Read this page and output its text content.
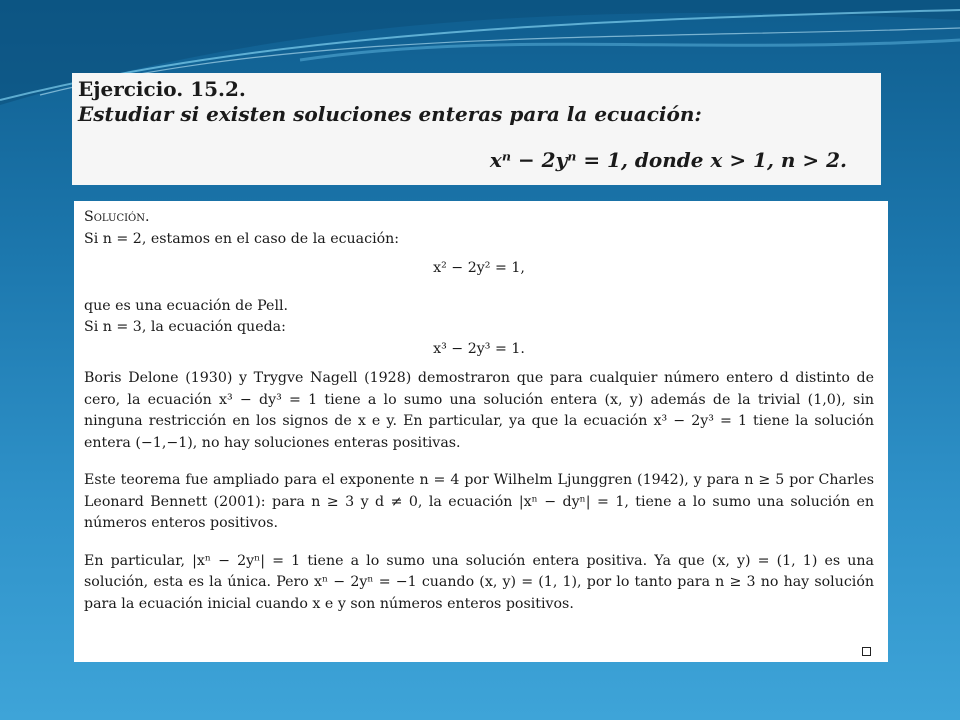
Ejercicio. 15.2.
Estudiar si existen soluciones enteras para la ecuación:
xⁿ − 2yⁿ = 1, donde x > 1, n > 2.

Solución.

Si n = 2, estamos en el caso de la ecuación:

x² − 2y² = 1,

que es una ecuación de Pell.

Si n = 3, la ecuación queda:

x³ − 2y³ = 1.

Boris Delone (1930) y Trygve Nagell (1928) demostraron que para cualquier número entero d distinto de cero, la ecuación x³ − dy³ = 1 tiene a lo sumo una solución entera (x, y) además de la trivial (1,0), sin ninguna restricción en los signos de x e y. En particular, ya que la ecuación x³ − 2y³ = 1 tiene la solución entera (−1,−1), no hay soluciones enteras positivas.

Este teorema fue ampliado para el exponente n = 4 por Wilhelm Ljunggren (1942), y para n ≥ 5 por Charles Leonard Bennett (2001): para n ≥ 3 y d ≠ 0, la ecuación |xⁿ − dyⁿ| = 1, tiene a lo sumo una solución en números enteros positivos.

En particular, |xⁿ − 2yⁿ| = 1 tiene a lo sumo una solución entera positiva. Ya que (x, y) = (1, 1) es una solución, esta es la única. Pero xⁿ − 2yⁿ = −1 cuando (x, y) = (1, 1), por lo tanto para n ≥ 3 no hay solución para la ecuación inicial cuando x e y son números enteros positivos.
